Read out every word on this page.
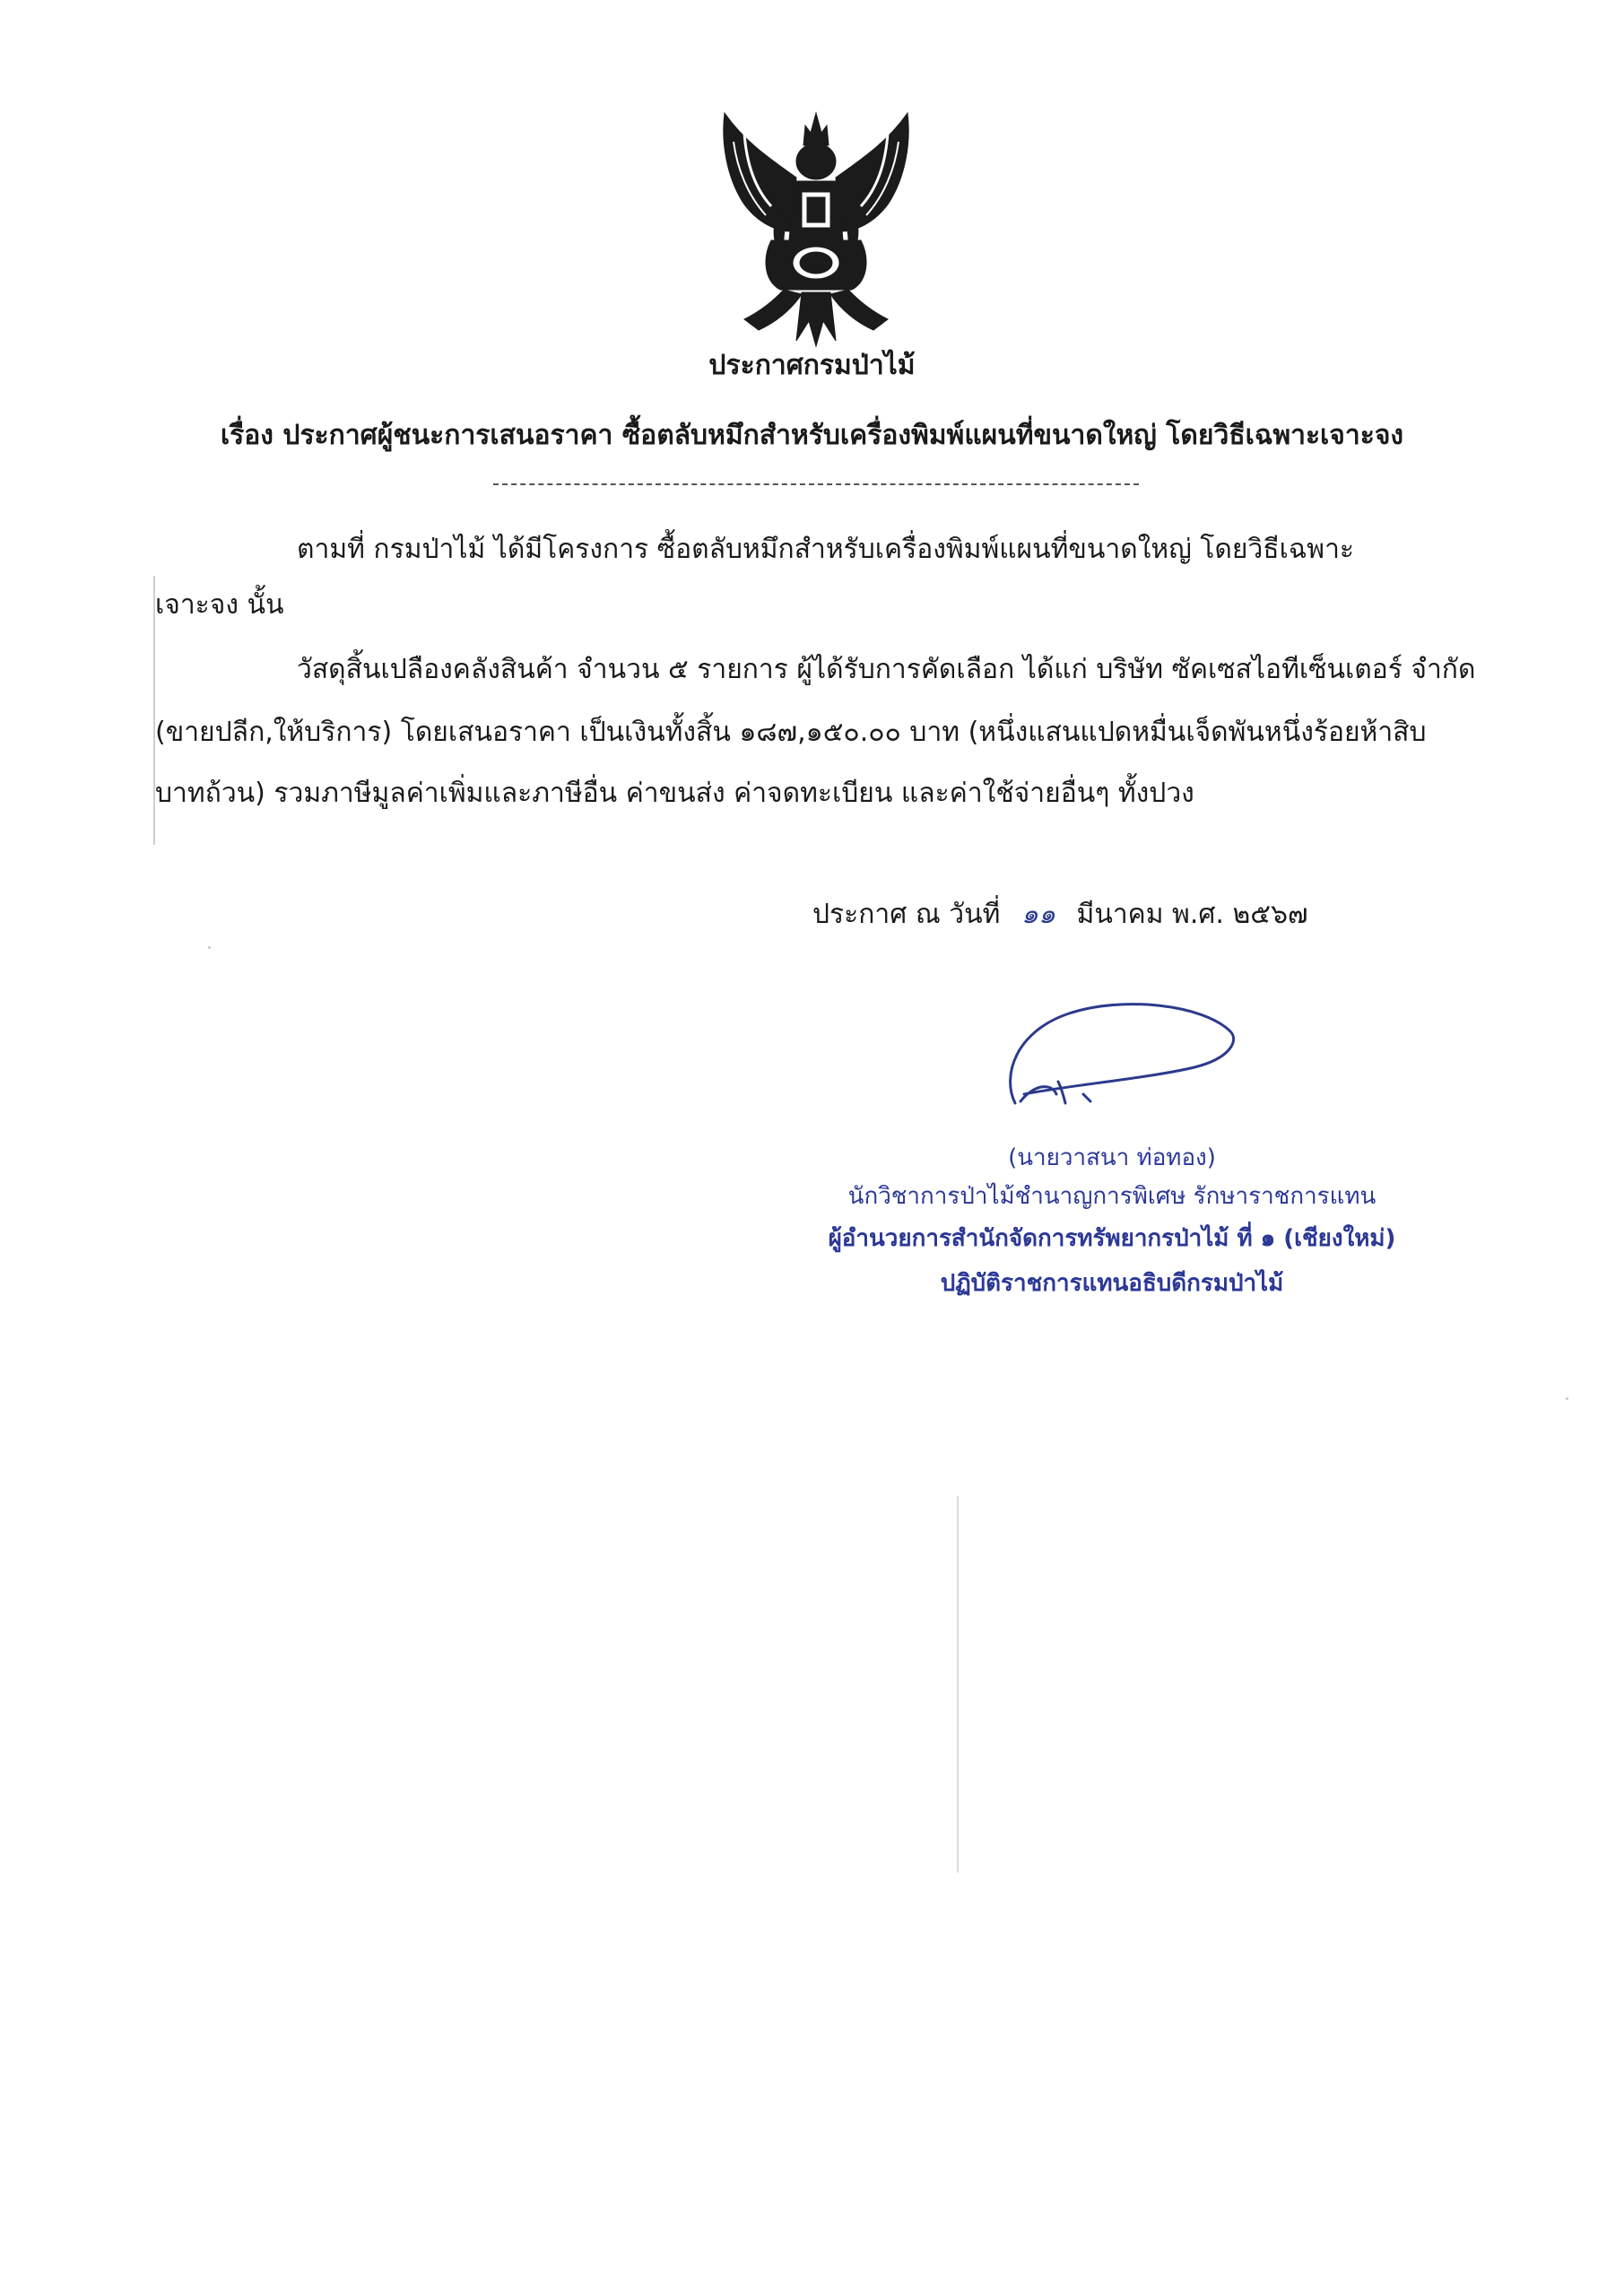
ประกาศกรมป่าไม้
เรื่อง ประกาศผู้ชนะการเสนอราคา ซื้อตลับหมึกสำหรับเครื่องพิมพ์แผนที่ขนาดใหญ่ โดยวิธีเฉพาะเจาะจง
ตามที่ กรมป่าไม้ ได้มีโครงการ ซื้อตลับหมึกสำหรับเครื่องพิมพ์แผนที่ขนาดใหญ่ โดยวิธีเฉพาะ
เจาะจง นั้น
วัสดุสิ้นเปลืองคลังสินค้า จำนวน ๕ รายการ ผู้ได้รับการคัดเลือก ได้แก่ บริษัท ซัคเซสไอทีเซ็นเตอร์ จำกัด
(ขายปลีก,ให้บริการ) โดยเสนอราคา เป็นเงินทั้งสิ้น ๑๘๗,๑๕๐.๐๐ บาท (หนึ่งแสนแปดหมื่นเจ็ดพันหนึ่งร้อยห้าสิบ
บาทถ้วน) รวมภาษีมูลค่าเพิ่มและภาษีอื่น ค่าขนส่ง ค่าจดทะเบียน และค่าใช้จ่ายอื่นๆ ทั้งปวง
ประกาศ ณ วันที่ ๑๑ มีนาคม พ.ศ. ๒๕๖๗
(นายวาสนา ท่อทอง)
นักวิชาการป่าไม้ชำนาญการพิเศษ รักษาราชการแทน
ผู้อำนวยการสำนักจัดการทรัพยากรป่าไม้ ที่ ๑ (เชียงใหม่)
ปฏิบัติราชการแทนอธิบดีกรมป่าไม้
